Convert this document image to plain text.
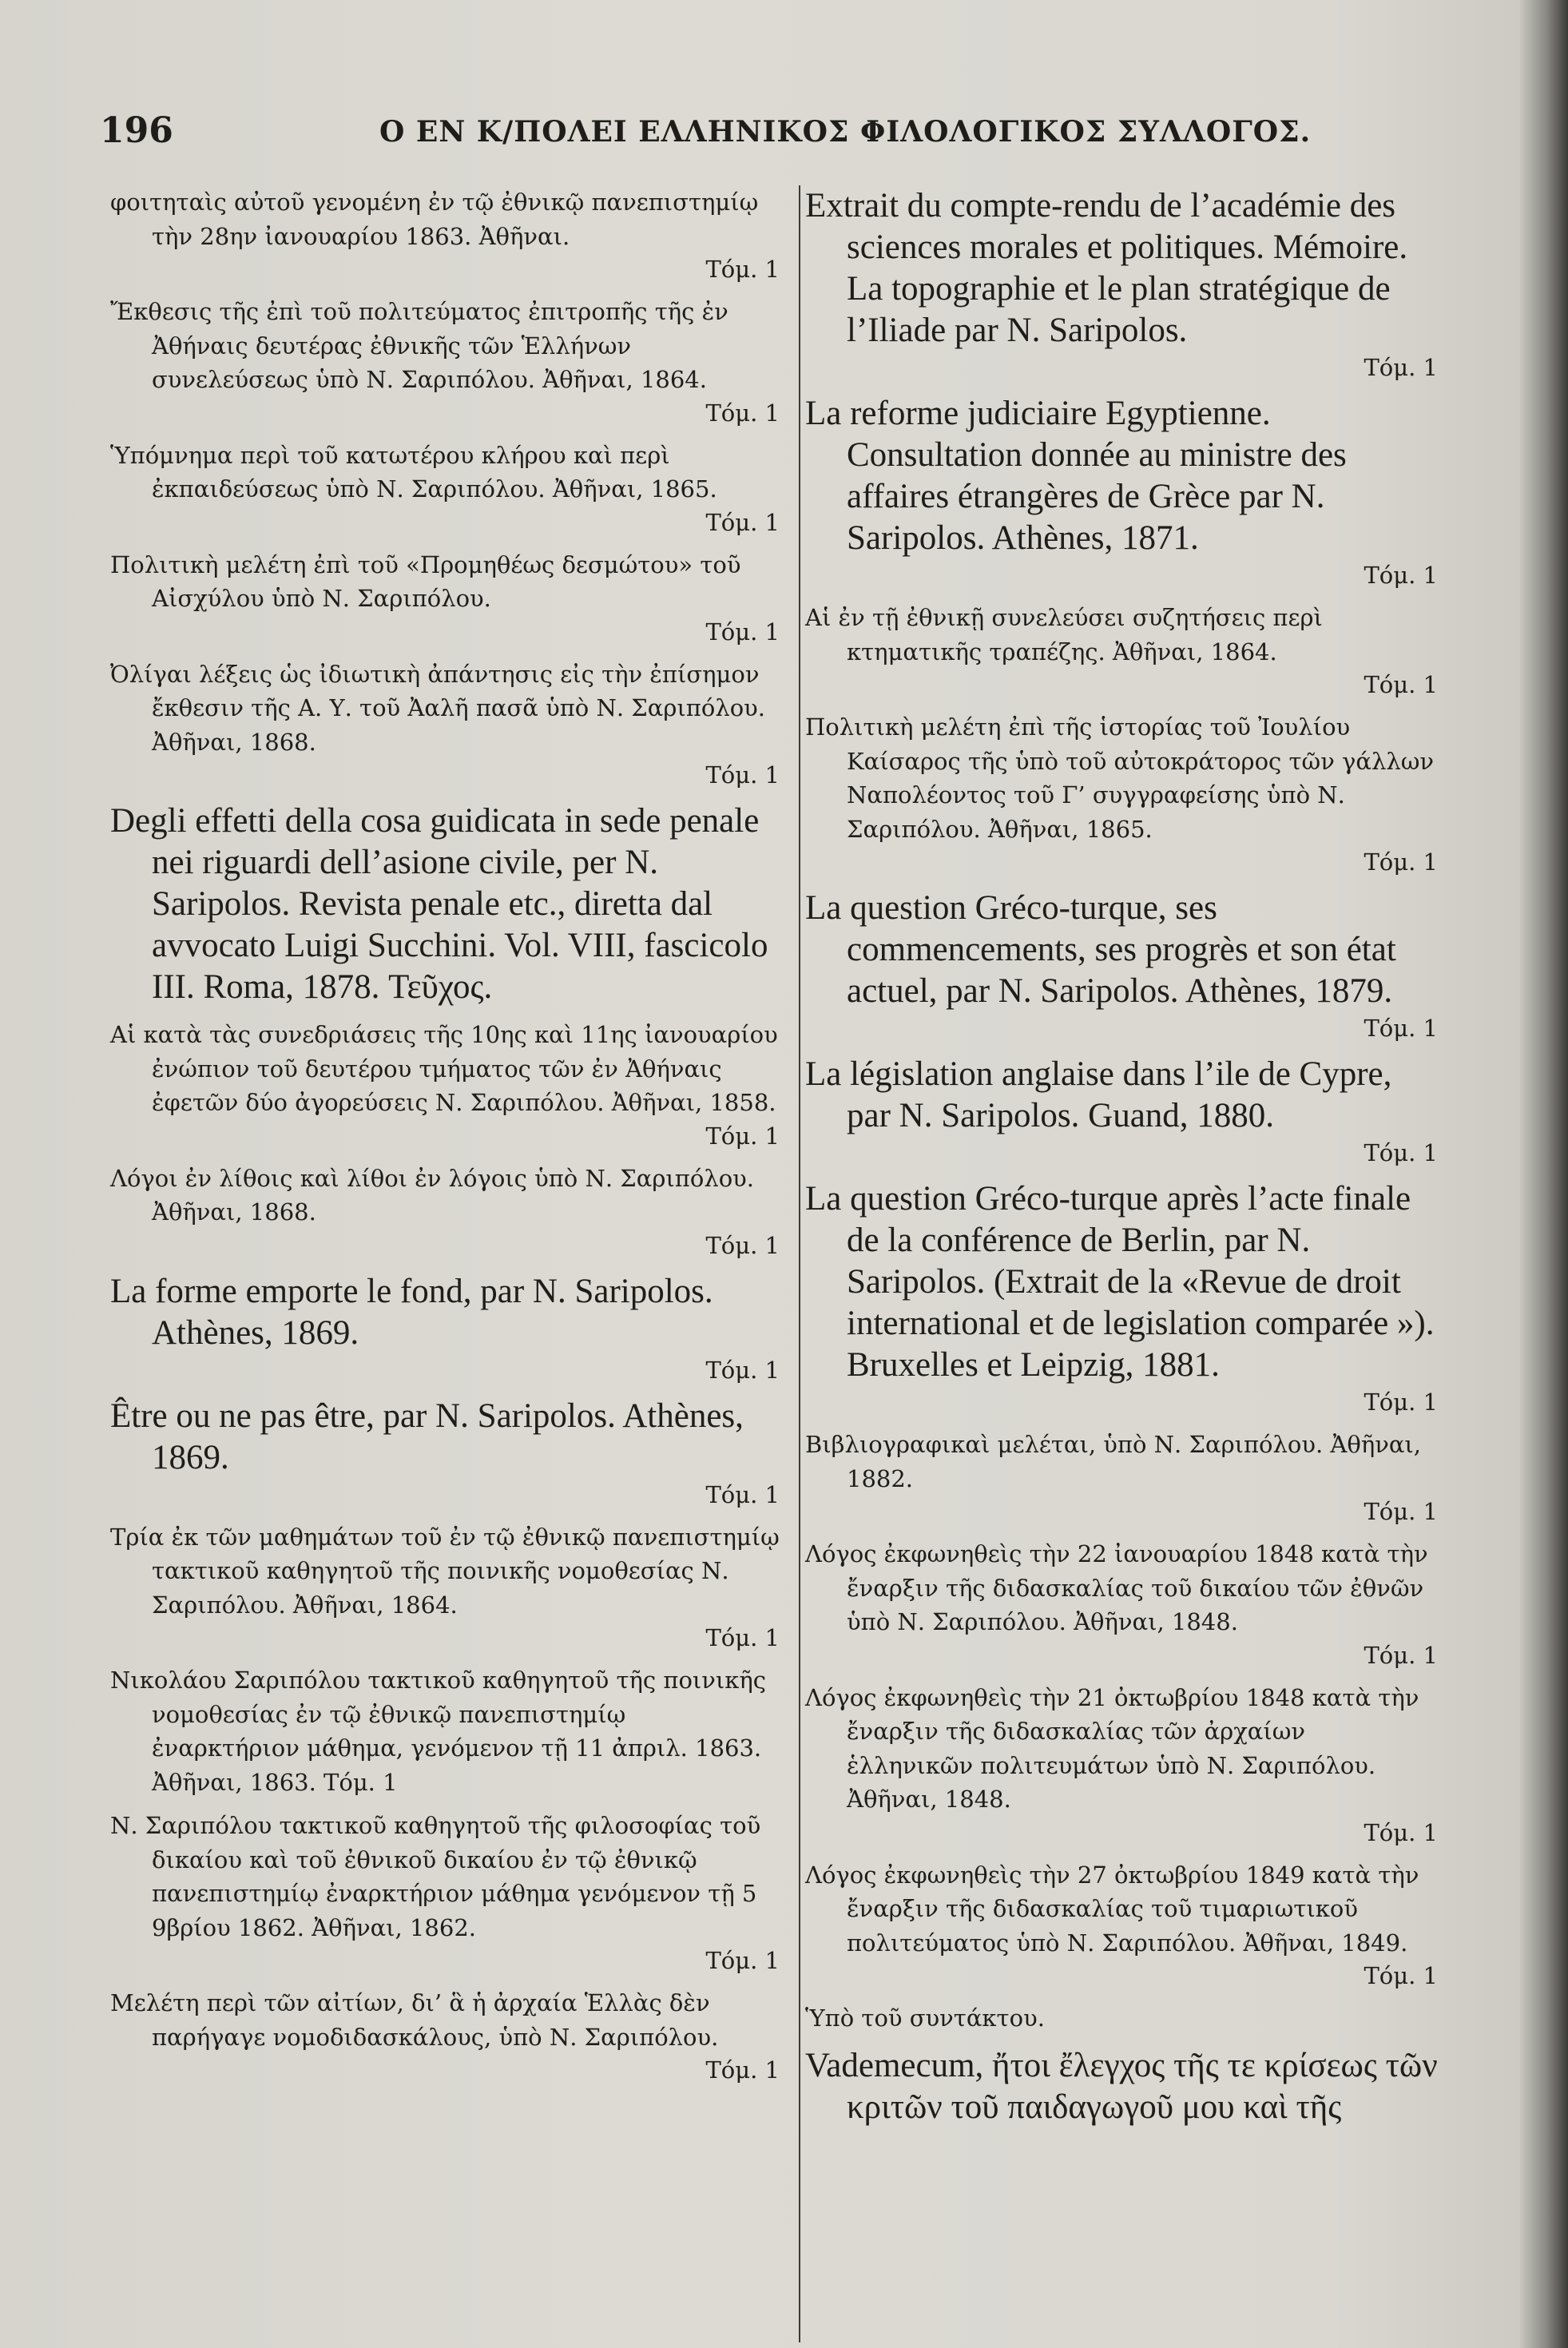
196	Ο ΕΝ Κ/ΠΟΛΕΙ ΕΛΛΗΝΙΚΟΣ ΦΙΛΟΛΟΓΙΚΟΣ ΣΥΛΛΟΓΟΣ.
φοιτηταὶς αὐτοῦ γενομένη ἐν τῷ ἐθνικῷ πανεπιστημίῳ τὴν 28ην ἰανουαρίου 1863. Ἀθῆναι.
Τόμ. 1
Ἔκθεσις τῆς ἐπὶ τοῦ πολιτεύματος ἐπιτροπῆς τῆς ἐν Ἀθήναις δευτέρας ἐθνικῆς τῶν Ἑλλήνων συνελεύσεως ὑπὸ Ν. Σαριπόλου. Ἀθῆναι, 1864.
Τόμ. 1
Ὑπόμνημα περὶ τοῦ κατωτέρου κλήρου καὶ περὶ ἐκπαιδεύσεως ὑπὸ Ν. Σαριπόλου. Ἀθῆναι, 1865.
Τόμ. 1
Πολιτικὴ μελέτη ἐπὶ τοῦ «Προμηθέως δεσμώτου» τοῦ Αἰσχύλου ὑπὸ Ν. Σαριπόλου.
Τόμ. 1
Ὀλίγαι λέξεις ὡς ἰδιωτικὴ ἀπάντησις εἰς τὴν ἐπίσημον ἔκθεσιν τῆς Α. Υ. τοῦ Ἀαλῆ πασᾶ ὑπὸ Ν. Σαριπόλου. Ἀθῆναι, 1868.
Τόμ. 1
Degli effetti della cosa guidicata in sede penale nei riguardi dell’asione civile, per N. Saripolos. Revista penale etc., diretta dal avvocato Luigi Succhini. Vol. VIII, fascicolo III. Roma, 1878. Τεῦχος.
Αἱ κατὰ τὰς συνεδριάσεις τῆς 10ης καὶ 11ης ἰανουαρίου ἐνώπιον τοῦ δευτέρου τμήματος τῶν ἐν Ἀθήναις ἐφετῶν δύο ἀγορεύσεις Ν. Σαριπόλου. Ἀθῆναι, 1858.
Τόμ. 1
Λόγοι ἐν λίθοις καὶ λίθοι ἐν λόγοις ὑπὸ Ν. Σαριπόλου. Ἀθῆναι, 1868.
Τόμ. 1
La forme emporte le fond, par N. Saripolos. Athènes, 1869.
Τόμ. 1
Être ou ne pas être, par N. Saripolos. Athènes, 1869.
Τόμ. 1
Τρία ἐκ τῶν μαθημάτων τοῦ ἐν τῷ ἐθνικῷ πανεπιστημίῳ τακτικοῦ καθηγητοῦ τῆς ποινικῆς νομοθεσίας Ν. Σαριπόλου. Ἀθῆναι, 1864.
Τόμ. 1
Νικολάου Σαριπόλου τακτικοῦ καθηγητοῦ τῆς ποινικῆς νομοθεσίας ἐν τῷ ἐθνικῷ πανεπιστημίῳ ἐναρκτήριον μάθημα, γενόμενον τῇ 11 ἀπριλ. 1863. Ἀθῆναι, 1863. Τόμ. 1
Ν. Σαριπόλου τακτικοῦ καθηγητοῦ τῆς φιλοσοφίας τοῦ δικαίου καὶ τοῦ ἐθνικοῦ δικαίου ἐν τῷ ἐθνικῷ πανεπιστημίῳ ἐναρκτήριον μάθημα γενόμενον τῇ 5 9βρίου 1862. Ἀθῆναι, 1862.
Τόμ. 1
Μελέτη περὶ τῶν αἰτίων, δι’ ἃ ἡ ἀρχαία Ἑλλὰς δὲν παρήγαγε νομοδιδασκάλους, ὑπὸ Ν. Σαριπόλου.
Τόμ. 1
Extrait du compte-rendu de l’académie des sciences morales et politiques. Mémoire. La topographie et le plan stratégique de l’Iliade par N. Saripolos.
Τόμ. 1
La reforme judiciaire Egyptienne. Consultation donnée au ministre des affaires étrangères de Grèce par N. Saripolos. Athènes, 1871.
Τόμ. 1
Αἱ ἐν τῇ ἐθνικῇ συνελεύσει συζητήσεις περὶ κτηματικῆς τραπέζης. Ἀθῆναι, 1864.
Τόμ. 1
Πολιτικὴ μελέτη ἐπὶ τῆς ἱστορίας τοῦ Ἰουλίου Καίσαρος τῆς ὑπὸ τοῦ αὐτοκράτορος τῶν γάλλων Ναπολέοντος τοῦ Γ’ συγγραφείσης ὑπὸ Ν. Σαριπόλου. Ἀθῆναι, 1865.
Τόμ. 1
La question Gréco-turque, ses commencements, ses progrès et son état actuel, par N. Saripolos. Athènes, 1879.
Τόμ. 1
La législation anglaise dans l’ile de Cypre, par N. Saripolos. Guand, 1880.
Τόμ. 1
La question Gréco-turque après l’acte finale de la conférence de Berlin, par N. Saripolos. (Extrait de la «Revue de droit international et de legislation comparée »). Bruxelles et Leipzig, 1881.
Τόμ. 1
Βιβλιογραφικαὶ μελέται, ὑπὸ Ν. Σαριπόλου. Ἀθῆναι, 1882.
Τόμ. 1
Λόγος ἐκφωνηθεὶς τὴν 22 ἰανουαρίου 1848 κατὰ τὴν ἔναρξιν τῆς διδασκαλίας τοῦ δικαίου τῶν ἐθνῶν ὑπὸ Ν. Σαριπόλου. Ἀθῆναι, 1848.
Τόμ. 1
Λόγος ἐκφωνηθεὶς τὴν 21 ὀκτωβρίου 1848 κατὰ τὴν ἔναρξιν τῆς διδασκαλίας τῶν ἀρχαίων ἑλληνικῶν πολιτευμάτων ὑπὸ Ν. Σαριπόλου. Ἀθῆναι, 1848.
Τόμ. 1
Λόγος ἐκφωνηθεὶς τὴν 27 ὀκτωβρίου 1849 κατὰ τὴν ἔναρξιν τῆς διδασκαλίας τοῦ τιμαριωτικοῦ πολιτεύματος ὑπὸ Ν. Σαριπόλου. Ἀθῆναι, 1849.
Τόμ. 1
Ὑπὸ τοῦ συντάκτου.
Vademecum, ἤτοι ἔλεγχος τῆς τε κρίσεως τῶν κριτῶν τοῦ παιδαγωγοῦ μου καὶ τῆς
